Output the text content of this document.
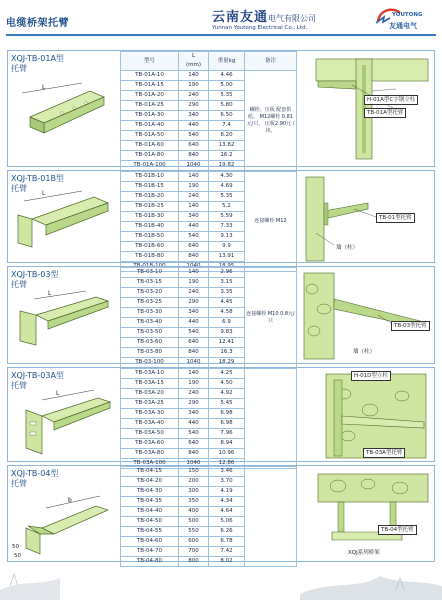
电缆桥架托臂	云南友通电气有限公司
Yunnan Youtong Electrical Co., Ltd.
YOUTONG
友通电气
XQJ-TB-01A型
托臂
L
型号	L
(mm)	重量kg	备注
TB-01A-10	140	4.46	螺栓、压板 配套供给。 M12螺栓 0.81元/只， 压板2.90元 /块。
TB-01A-15	190	5.00	
TB-01A-20	240	5.35	
TB-01A-25	290	5.80	
TB-01A-30	340	6.50	
TB-01A-40	440	7.4	
TB-01A-50	540	8.20	
TB-01A-60	640	13.82	
TB-01A-80	840	16.2	
TB-01A-100	1040	19.82	
H-01A型C字钢立柱
TB-01A型托臂
XQJ-TB-01B型
托臂
L
TB-01B-10	140	4.30	连接螺栓 M12
TB-01B-15	190	4.69	
TB-01B-20	240	5.35	
TB-01B-25	140	5.2	
TB-01B-30	340	5.59	
TB-01B-40	440	7.33	
TB-01B-50	540	9.13	
TB-01B-60	640	9.9	
TB-01B-80	840	13.91	
TB-01B-100	1040	18.95	
TB-01型托臂
墙（柱）
XQJ-TB-03型
托臂
L
TB-03-10	140	2.96	连接螺栓 M10 0.8元/只
TB-03-15	190	3.15	
TB-03-20	240	3.35	
TB-03-25	290	4.45	
TB-03-30	340	4.58	
TB-03-40	440	6.9	
TB-03-50	540	9.83	
TB-03-60	640	12.41	
TB-03-80	840	16.3	
TB-03-100	1040	18.29	
TB-03型托臂
墙（柱）
XQJ-TB-03A型
托臂
L
TB-03A-10	140	4.25	
TB-03A-15	190	4.50	
TB-03A-20	240	4.92	
TB-03A-25	290	5.45	
TB-03A-30	340	6.98	
TB-03A-40	440	6.98	
TB-03A-50	540	7.96	
TB-03A-60	640	8.94	
TB-03A-80	840	10.96	
TB-03A-100	1040	12.86	
H-01D型立柱
TB-03A型托臂
XQJ-TB-04型
托臂
b
50
50
TB-04-15	150	3.46	
TB-04-20	200	3.70	
TB-04-30	300	4.19	
TB-04-35	350	4.34	
TB-04-40	400	4.64	
TB-04-50	500	5.06	
TB-04-55	550	6.26	
TB-04-60	600	6.78	
TB-04-70	700	7.42	
TB-04-80	800	8.02	
TB-04型托臂
XQJ系列桥架
